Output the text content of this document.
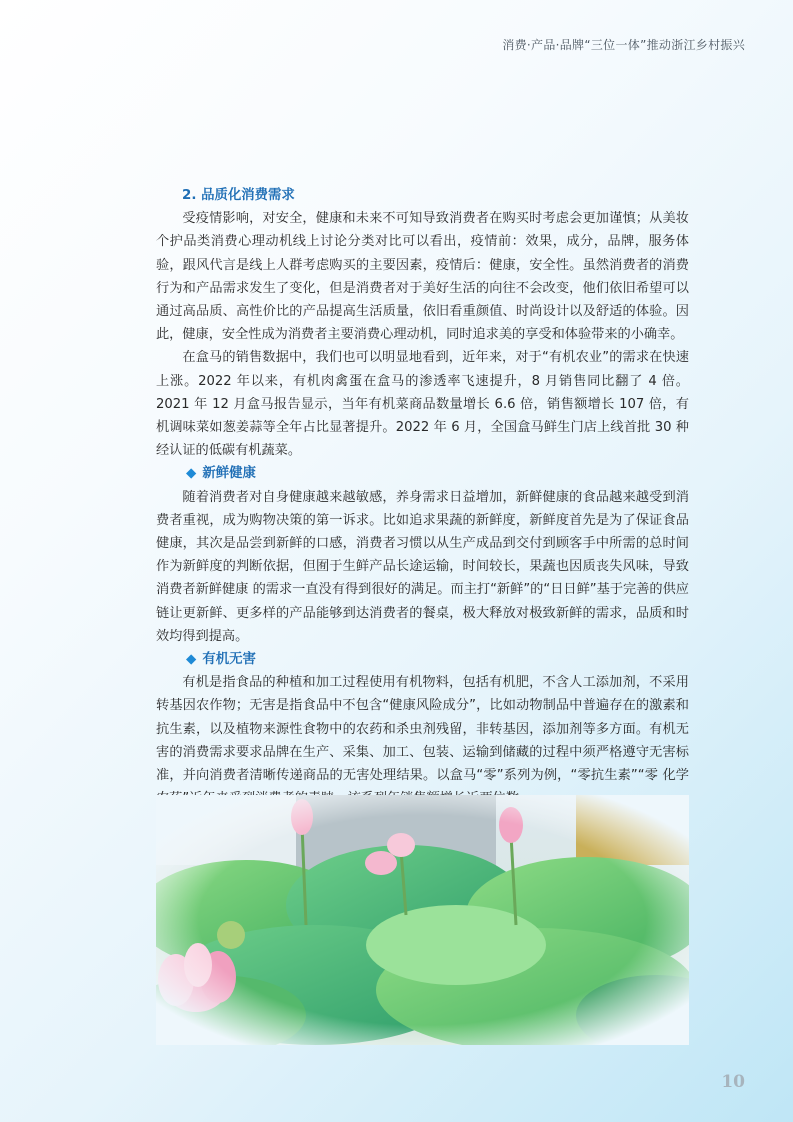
消费·产品·品牌“三位一体”推动浙江乡村振兴
2. 品质化消费需求

受疫情影响，对安全，健康和未来不可知导致消费者在购买时考虑会更加谨慎；从美妆个护品类消费心理动机线上讨论分类对比可以看出，疫情前：效果，成分，品牌，服务体验，跟风代言是线上人群考虑购买的主要因素，疫情后：健康，安全性。虽然消费者的消费行为和产品需求发生了变化，但是消费者对于美好生活的向往不会改变，他们依旧希望可以通过高品质、高性价比的产品提高生活质量，依旧看重颜值、时尚设计以及舒适的体验。因此，健康，安全性成为消费者主要消费心理动机，同时追求美的享受和体验带来的小确幸。

在盒马的销售数据中，我们也可以明显地看到，近年来，对于“有机农业”的需求在快速上涨。2022 年以来，有机肉禽蛋在盒马的渗透率飞速提升，8 月销售同比翻了 4 倍。2021 年 12 月盒马报告显示，当年有机菜商品数量增长 6.6 倍，销售额增长 107 倍，有机调味菜如葱姜蒜等全年占比显著提升。2022 年 6 月，全国盒马鲜生门店上线首批 30 种经认证的低碳有机蔬菜。

◆ 新鲜健康

随着消费者对自身健康越来越敏感，养身需求日益增加，新鲜健康的食品越来越受到消费者重视，成为购物决策的第一诉求。比如追求果蔬的新鲜度，新鲜度首先是为了保证食品健康，其次是品尝到新鲜的口感，消费者习惯以从生产成品到交付到顾客手中所需的总时间作为新鲜度的判断依据，但囿于生鲜产品长途运输，时间较长，果蔬也因质丧失风味，导致消费者新鲜健康 的需求一直没有得到很好的满足。而主打“新鲜”的“日日鲜”基于完善的供应链让更新鲜、更多样的产品能够到达消费者的餐桌，极大释放对极致新鲜的需求，品质和时效均得到提高。

◆ 有机无害

有机是指食品的种植和加工过程使用有机物料，包括有机肥，不含人工添加剂，不采用转基因农作物；无害是指食品中不包含“健康风险成分”，比如动物制品中普遍存在的激素和抗生素，以及植物来源性食物中的农药和杀虫剂残留，非转基因，添加剂等多方面。有机无害的消费需求要求品牌在生产、采集、加工、包装、运输到储藏的过程中须严格遵守无害标准，并向消费者清晰传递商品的无害处理结果。以盒马“零”系列为例，“零抗生素”“零 化学

10
